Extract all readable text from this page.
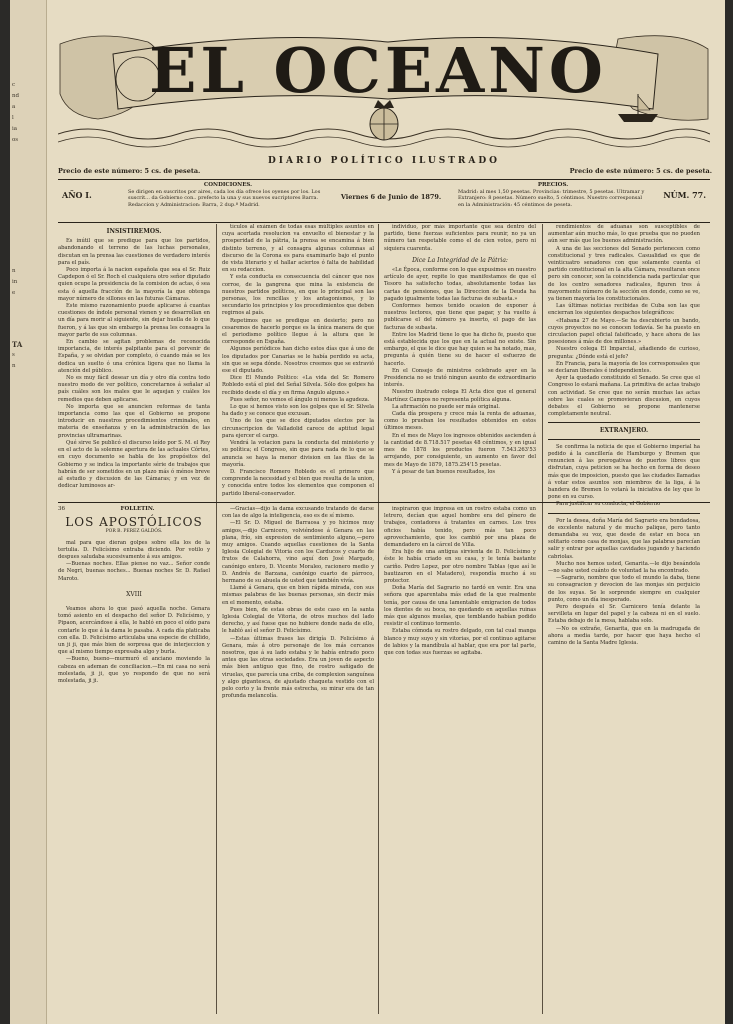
c
nd
a
l
ia
os
n
in
e
TA
s
n
EL OCEANO
DIARIO POLÍTICO ILUSTRADO
Precio de este número: 5 cs. de peseta.	Precio de este número: 5 cs. de peseta.
AÑO I.
CONDICIONES.
Se dirigen en suscritos por aires, cada los día ofrece los oyenes por los. Los suscrit... da Gobierno con.. prefecto la una y sus nuevos sucriptores Barra. Redaccion y Administracion: Barra, 2 dup.º Madrid.
Viernes 6 de Junio de 1879.
PRECIOS.
Madrid: al mes 1,50 pesetas. Provincias: trimestre, 5 pesetas. Ultramar y Extranjero: 8 pesetas. Número suelto, 5 céntimos. Nuestro corresponsal en la Administración: 45 céntimos de peseta.
NÚM. 77.
INSISTIREMOS.

Es inútil que se predique para que los partidos, abandonando el terreno de las luchas personales, discutan en la prensa las cuestiones de verdadero interés para el país.

Poco importa á la nacion española que sea el Sr. Ruiz Capdepon ó el Sr. Roch el cualquiera otro señor diputado quien ocupe la presidencia de la comision de actas, ó sea esta ó aquella fracción de la mayoría la que obtenga mayor número de sillones en las futuras Cámaras.

Este mismo razonamiento puede aplicarse á cuantas cuestiones de índole personal vienen y se desarrollan en un día para morir al siguiente, sin dejar huella de lo que fueron, y á las que sin embargo la prensa les consagra la mayor parte de sus columnas.

En cambio se agitan problemas de reconocida importancia, de interés palpitante para el porvenir de España, y se olvidan por completo, ó cuando más se les dedica un suelto ó una crónica ligera que no llama la atención del público.

No es muy fácil desear un día y otro día contra todo nuestro modo de ver político, concretarnos á señalar al país cuáles son los males que le aquejan y cuáles los remedios que deben aplicarse.

No importa que se anuncien reformas de tanta importancia como las que el Gobierno se propone introducir en nuestros procedimientos criminales, en materia de enseñanza y en la administración de las provincias ultramarinas.

Qué sirve Se publicó el discurso leído por S. M. el Rey en el acto de la solemne apertura de las actuales Córtes, en cuyo documento se habla de los propósitos del Gobierno y se indica la importante série de trabajos que habrán de ser sometidos en un plazo más ó ménos breve al estudio y discusion de las Cámaras; y en vez de dedicar luminosos ar-

tículos al exámen de todas esas múltiples asuntos en cuya acertada resolucion va envuelto el bienestar y la prosperidad de la pátria, la prensa se encamina á bien distinto terreno, y al consagra algunas columnas al discurso de la Corona es para examinarlo bajo el punto de vista literario y el hallar aciertos ó falta de habilidad en su redaccion.

Y esta conducta es consecuencia del cáncer que nos corroe, de la gangrena que mina la existencia de nuestros partidos políticos, en que lo principal son las personas, los rencillas y los antagonismos, y lo secundario los principios y los procedimientos que deben regirnos al país.

Repetimos que se predique en desierto; pero no cesaremos de hacerlo porque es la única manera de que el periodismo político llegue á la altura que le corresponde en España.

Algunos periódicos han dicho estos días que á uno de los diputados por Canarias se le había perdido su acta, sin que se sepa dónde. Nosotros creemos que se extravió ese el diputado.

Dice El Mundo Político: «La vida del Sr. Romero Robledo está el piel del Señal Silvela. Sólo dos golpes ha recibido desde el día y en firma Angulo alguno.»

Pues señor, no vemos el ángulo ni menos la agudeza.

Lo que si hemos visto son los golpes que el Sr. Silvela ha dado y se conoce que excusan.

Uno de los que se dice diputados electos por la circunscripcion de Valladolid carece de aptitud legal para ejercer el cargo.

Vendrá la votacion para la conducta del ministerio y su política; el Congreso, sin que para nada de lo que se anuncia se haya la menor division en las filas de la mayoría.

D. Francisco Romero Robledo es el primero que comprende la necesidad y el bien que resulta de la union, y conocida entre todos los elementos que componen el partido liberal-conservador.

individuo, por más importante que sea dentro del partido, tiene fuerzas suficientes para reunir, no ya un número tan respetable como el de cien votos, pero ni siquiera cuarenta.

Dice La Integridad de la Pátria:

«Le Época, conforme con lo que expusimos en nuestro artículo de ayer, repite lo que manifestamos de que el Tesoro ha satisfecho todas, absolutamente todas las cartas de pensiones, que la Direccion de la Deuda ha pagado igualmente todas las facturas de subasta.»

Conformes hemos tenido ocasion de exponer á nuestros lectores, que tiene que pagar, y ha vuelto á publicarse el del número ya inserto, el pago de las facturas de subasta.

Entre los Madrid tiene lo que ha dicho fe, puesto que está establecida que los que en la actual no existe. Sin embargo, el que le dice que hay quien se ha notado, mas, pregunta á quién tiene su de hacer el esfuerzo de hacerlo.

En el Consejo de ministros celebrado ayer en la Presidencia no se trató ningun asunto de extraordinario interés.

Nuestro ilustrado colega El Acta dice que el general Martínez Campos no representa política alguna.

La afirmación no puede ser más original.

Cada día prospera y crece más la renta de aduanas, como lo prueban los resultados obtenidos en estos últimos meses.

En el mes de Mayo los ingresos obtenidos ascienden á la cantidad de 8.718.517 pesetas 48 céntimos, y en igual mes de 1878 los productos fueron 7.543.263'53 arrojando, por consiguiente, un aumento en favor del mes de Mayo de 1879, 1875.254'15 pesetas.

Y á pesar de tan buenos resultados, los

rendimientos de aduanas son susceptibles de aumentar aún mucho más, lo que prueba que no pueden aún ser más que los buenos administración.

A una de las secciones del Senado pertenecen como constitucional y tres radicales. Casualidad es que de veinticuatro senadores con que solamente cuenta el partido constitucional en la alta Cámara, resultaran once pero sin conocer, son la coincidencia nada particular que de los centro senadores radicales, figuren tres á mayormente número de la sección en donde, como se ve, ya tienen mayoría los constitucionales.

Las últimas noticias recibidas de Cuba son las que encierran los siguientes despachos telegráficos:

«Habana 27 de Mayo.—Se ha descubierto un bando, cuyos proyectos no se conocen todavía. Se ha puesto en circulacion papel oficial falsificado, y hace ahora de las posesiones á más de dos millones.»

Nuestro colega El Imparcial, añadiendo de curioso, pregunta: ¿Dónde está el jefe?

En Francia, para la mayoría de los corresponsales que se declaran liberales é independientes.

Ayer la quedado constituido el Senado. Se cree que el Congreso lo estará mañana. La primitiva de actas trabajo con actividad. Se cree que no serán muchas las actas sobre las cuales se promovieran discusion, en cuyos debates el Gobierno se propone mantenerse completamente neutral.

EXTRANJERO.

Se confirma la noticia de que el Gobierno imperial ha pedido á la cancillería de Hamburgo y Bremen que renuncien á las prerogativas de puertos libres que disfrutan, cuya peticion se ha hecho en forma de deseo más que de imposicion, puesto que las ciudades llamadas á votar estos asuntos son miembros de la liga, á la bandera de Bremen lo votará la iniciativa de ley que lo pone en su curso.

Para justificar su conducta, el Gobierno

Por la desea, doña María del Sagrario era bondadosa, de excelente natural y de mucho palique, pero tanto demandaba su voz, que desde de estar en boca un solitario como casa de monjas, que las palabras parecían salir y entrar por aquellas cavidades jugando y haciendo cabriolas.

Mucho nos hemos usted, Genarita.—le dijo besándola—no sabe usted cuánto de voluntad la ha encontrado.

—Sagrario, nombre que todo el mundo la daba, tiene su consagracion y devocion de las monjas sin perjuicio de los suyas. Se le sorprende siempre en cualquier punto, como un día inesperado.

Pero después el Sr. Carnicero tenía delante la servilleta en lugar del papel y la cabeza ni en el suelo. Estaba debajo de la mesa, hablaba solo.

—No os extrañe, Genarita, que en la madrugada de ahora a media tarde, por hacer que haya hecho el camino de la Santa Madre Iglesia.

36	FOLLETIN.
LOS APOSTÓLICOS
POR B. PEREZ GALDÓS.

mal para que dieran golpes sobre ella los de la tertulia. D. Felicísimo entraba diciendo. Por votilo y despues saludaba sucesivamente á sus amigos.

—Buenas noches. Ellas piense no vaz... Señor conde de Negri, buenas noches... Buenas noches Sr. D. Rafael Maroto.

XVIII

Veamos ahora lo que pasó aquella noche. Genara tomó asiento en el despacho del señor D. Felicísimo, y Pipaon, acercándose á ella, le habló en poco el oído para contarle lo que á la dama le pasaba. A cada día platicaba con ella. D. Felicísimo articulaba una especie de chillido, un ji ji, que más bien de sorpresa que de interjeccion y que al mismo tiempo expresaba algo y burla.

—Bueno, bueno—murmuró el anciano moviendo la cabeza en ademan de conciliacion.—En mi casa no será molestada, ji ji, que yo respondo de que no será molestada, ji ji.

—Gracias—dijo la dama excusando tratando de darse con las de algo la inteligencia, eso es de sí mismo.

—El Sr. D. Miguel de Barraosa y yo hicimos muy amigos,—dijo Carnicero, volviéndose á Genara en las plana, frío, sin expresion de sentimiento alguno,—pero muy amigos. Cuando aquellas cuestiones de la Santa Iglesia Colegial de Vitoria con los Carducos y cuarto de frutos de Calahorra, vino aquí don José Margado, canónigo entero, D. Vicente Moraleo, racionero medio y D. Andrés de Barzana, canónigo cuarto de párroco, hermano de su abuela de usted que también vivía.

Llamé á Genara, que en bien rápida mirada, con sus mismas palabras de las buenas personas, sin decir más en el momento, estaba.

Pues bien, de estas obras de este caso en la santa Iglesia Colegial de Vitoria, de otros muchos del lado derecho, y así fuese que no hubiere donde nada de ello, le habló así el señor D. Felicísimo.

—Estas últimas frases las dirigía D. Felicísimo á Genara, más á otro personaje de los más cercanos nosotros, que á su lado estaba y le había entrado poco antes que las otras sociedades. Era un joven de aspecto más bien antiguo que fino, de rostro sañigado de viruelas, que parecía una criba, de complexion sanguínea y algo gigantesca, de ajustado chaqueta vestido con el pelo corto y la frente más estrecha, su mirar era de tan profunda melancolía.

inspiraron que impresa en un rostro estaba como un letrero, decían que aquel hombre era del género de trabajos, contadores á tratantes en carnes. Los tres oficios había tenido, pero más tan poco aprovechamiento, que los cambió por una plaza de demandadero en la cárcel de Villa.

Era hijo de una antigua sirvienta de D. Felicísimo y éste le había criado en su casa, y le tenía bastante cariño. Pedro Lopez, por otro nombre Tablas (que así le bautizaron en el Matadero), respondía mucho á su protector.

Doña María del Sagrario no tardó en venir. Era una señora que aparentaba más edad de la que realmente tenía, por causa de una lamentable emigracion de todos los dientes de su boca, no quedando en aquellas ruinas más que algunos muelas, que temblando habían podido resistir el continuo tormento.

Estaba cómoda su rostro delgado, con tal cual manga blanco y muy suyo y sin vitorias, por el continuo agitarse de labios y la mandíbula al hablar, que era por tal parte, que con todas sus fuerzas se agitaba.
